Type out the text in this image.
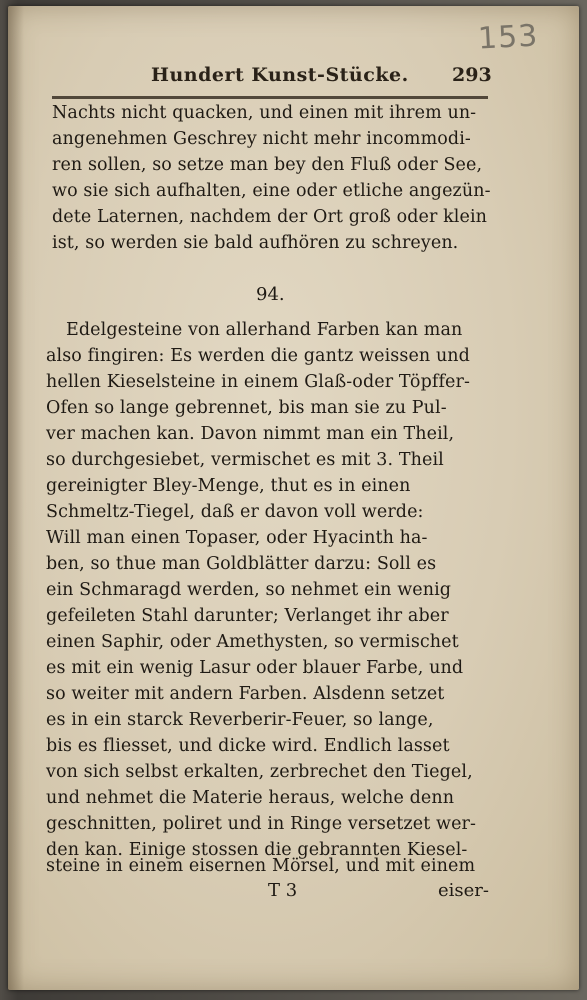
153
Hundert Kunst-Stücke. 293
Nachts nicht quacken, und einen mit ihrem un-
angenehmen Geschrey nicht mehr incommodi-
ren sollen, so setze man bey den Fluß oder See,
wo sie sich aufhalten, eine oder etliche angezün-
dete Laternen, nachdem der Ort groß oder klein
ist, so werden sie bald aufhören zu schreyen.
94.
Edelgesteine von allerhand Farben kan man
also fingiren: Es werden die gantz weissen und
hellen Kieselsteine in einem Glaß-oder Töpffer-
Ofen so lange gebrennet, bis man sie zu Pul-
ver machen kan. Davon nimmt man ein Theil,
so durchgesiebet, vermischet es mit 3. Theil
gereinigter Bley-Menge, thut es in einen
Schmeltz-Tiegel, daß er davon voll werde:
Will man einen Topaser, oder Hyacinth ha-
ben, so thue man Goldblätter darzu: Soll es
ein Schmaragd werden, so nehmet ein wenig
gefeileten Stahl darunter; Verlanget ihr aber
einen Saphir, oder Amethysten, so vermischet
es mit ein wenig Lasur oder blauer Farbe, und
so weiter mit andern Farben. Alsdenn setzet
es in ein starck Reverberir-Feuer, so lange,
bis es fliesset, und dicke wird. Endlich lasset
von sich selbst erkalten, zerbrechet den Tiegel,
und nehmet die Materie heraus, welche denn
geschnitten, poliret und in Ringe versetzet wer-
den kan. Einige stossen die gebrannten Kiesel-
steine in einem eisernen Mörsel, und mit einem
T 3	eiser-
